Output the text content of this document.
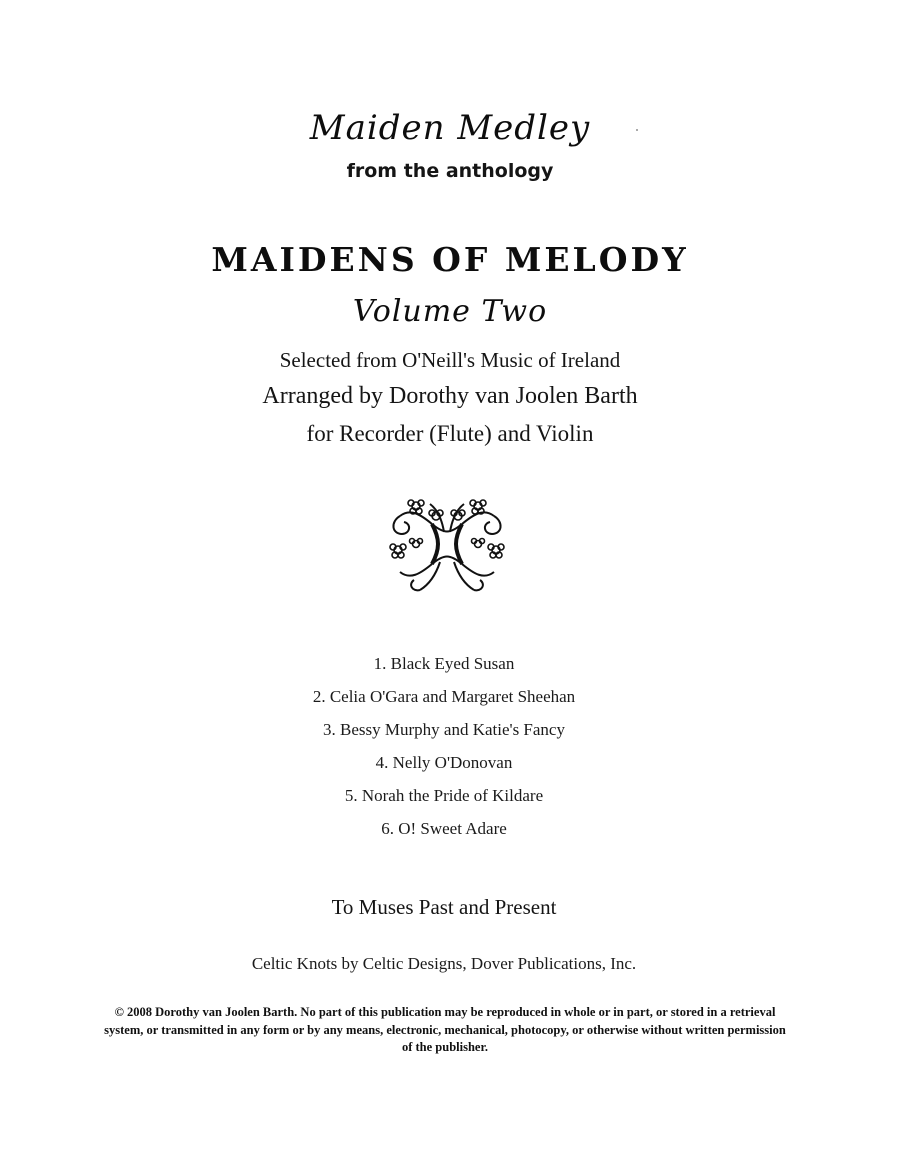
Maiden Medley
from the anthology
MAIDENS OF MELODY
Volume Two
Selected from O'Neill's Music of Ireland
Arranged by Dorothy van Joolen Barth
for Recorder (Flute) and Violin
1. Black Eyed Susan
2. Celia O'Gara and Margaret Sheehan
3. Bessy Murphy and Katie's Fancy
4. Nelly O'Donovan
5. Norah the Pride of Kildare
6. O! Sweet Adare
To Muses Past and Present
Celtic Knots by Celtic Designs, Dover Publications, Inc.
© 2008 Dorothy van Joolen Barth. No part of this publication may be reproduced in whole or in part, or stored in a retrieval system, or transmitted in any form or by any means, electronic, mechanical, photocopy, or otherwise without written permission of the publisher.
